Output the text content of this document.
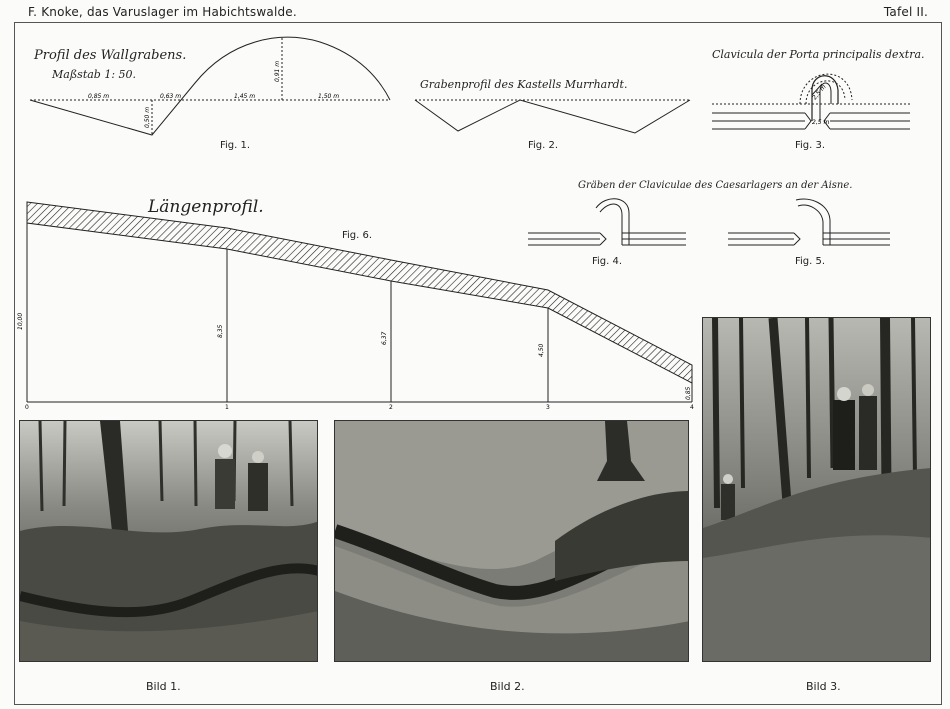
F. Knoke, das Varuslager im Habichtswalde.	Tafel II.
Profil des Wallgrabens.
Maßstab 1: 50.
0,85 m	0,63 m	1,45 m	1,50 m
0,91 m
0,50 m	2,5 m
2,5 m
10,00
8,35
6,37
4,50
0,85
0	1	2	3	4
Fig. 1.
Grabenprofil des Kastells Murrhardt.
Fig. 2.
Clavicula der Porta principalis dextra.
Fig. 3.
Gräben der Claviculae des Caesarlagers an der Aisne.
Fig. 4.	Fig. 5.
Längenprofil.
Fig. 6.
Bild 1.	Bild 2.	Bild 3.
